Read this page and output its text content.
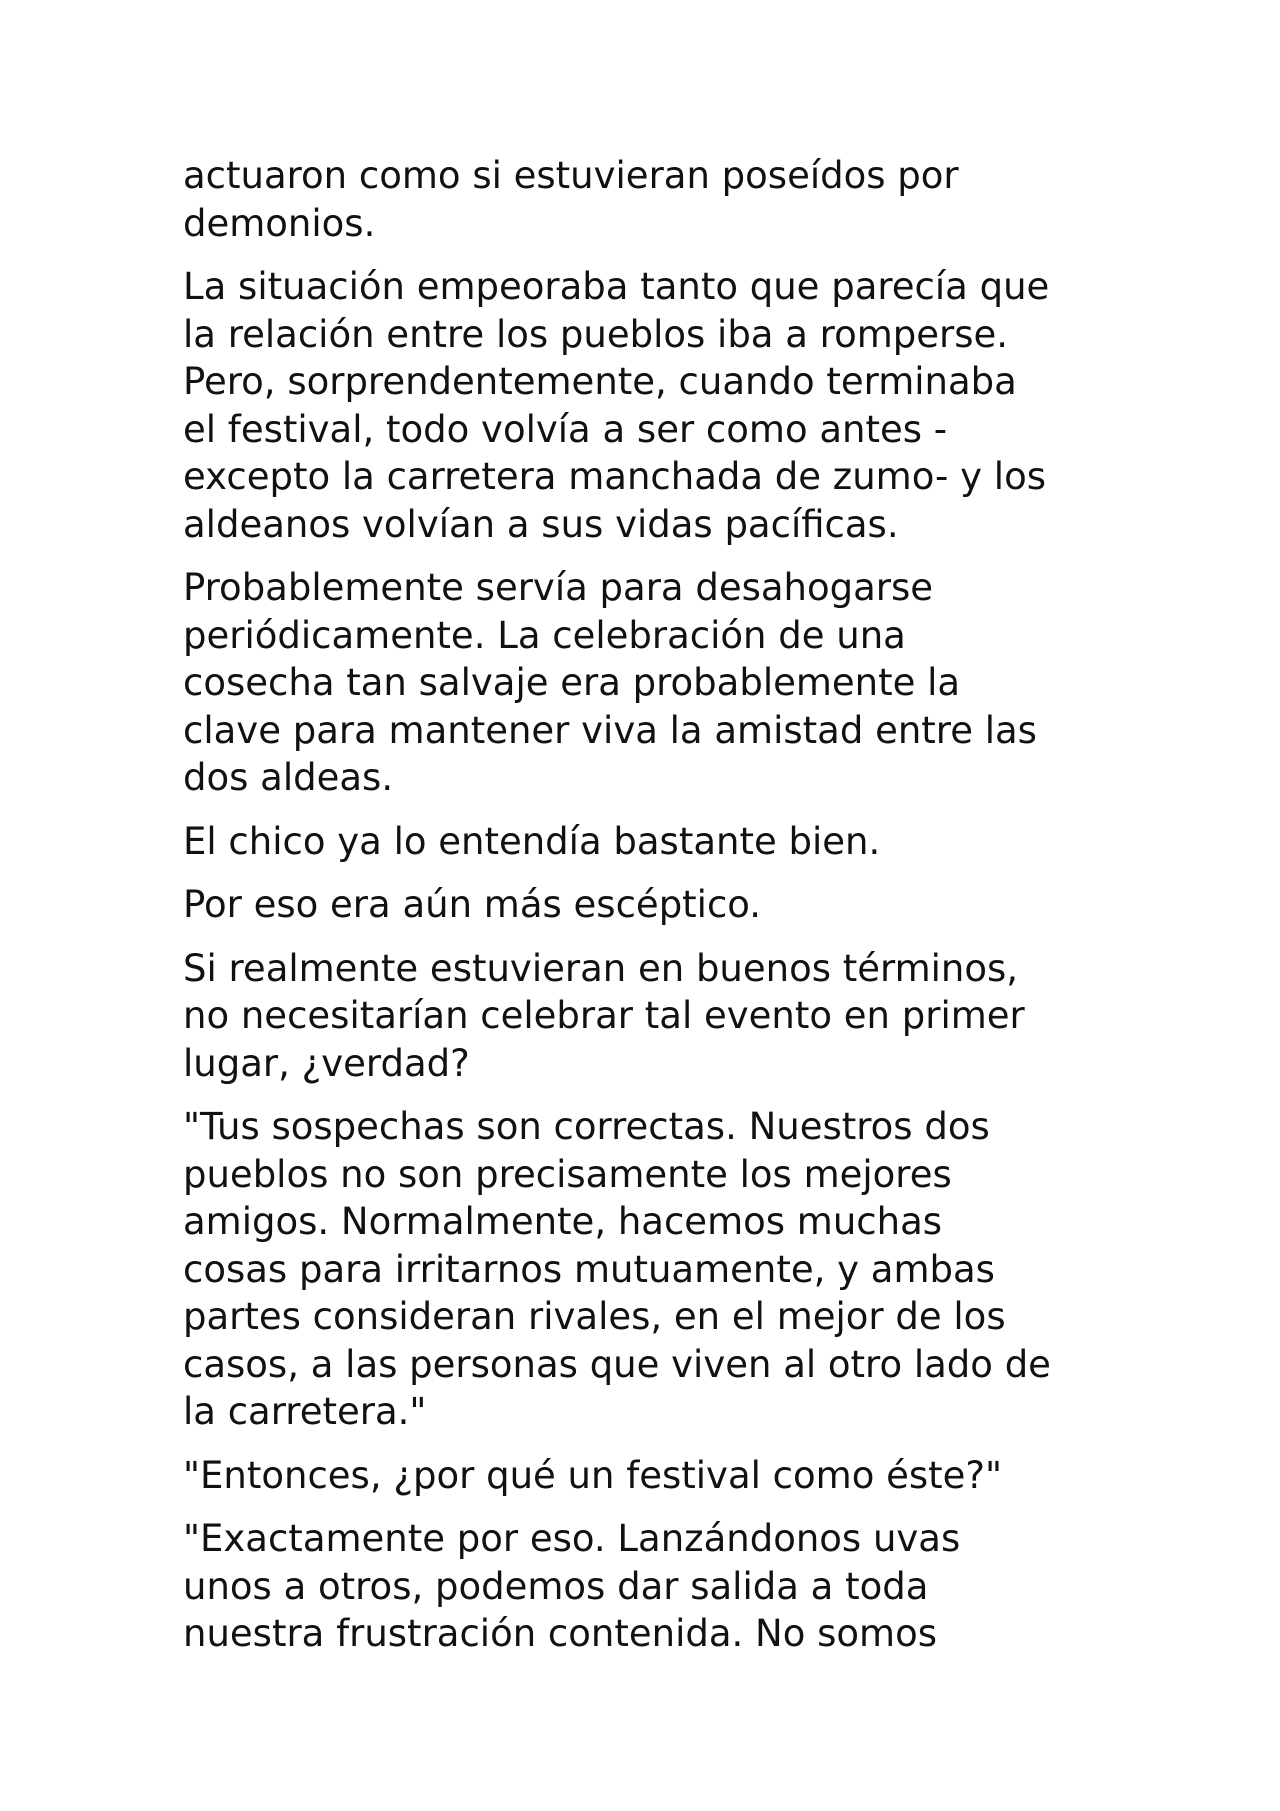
actuaron como si estuvieran poseídos por
demonios.

La situación empeoraba tanto que parecía que
la relación entre los pueblos iba a romperse.
Pero, sorprendentemente, cuando terminaba
el festival, todo volvía a ser como antes -
excepto la carretera manchada de zumo- y los
aldeanos volvían a sus vidas pacíficas.

Probablemente servía para desahogarse
periódicamente. La celebración de una
cosecha tan salvaje era probablemente la
clave para mantener viva la amistad entre las
dos aldeas.

El chico ya lo entendía bastante bien.

Por eso era aún más escéptico.

Si realmente estuvieran en buenos términos,
no necesitarían celebrar tal evento en primer
lugar, ¿verdad?

"Tus sospechas son correctas. Nuestros dos
pueblos no son precisamente los mejores
amigos. Normalmente, hacemos muchas
cosas para irritarnos mutuamente, y ambas
partes consideran rivales, en el mejor de los
casos, a las personas que viven al otro lado de
la carretera."

"Entonces, ¿por qué un festival como éste?"

"Exactamente por eso. Lanzándonos uvas
unos a otros, podemos dar salida a toda
nuestra frustración contenida. No somos
